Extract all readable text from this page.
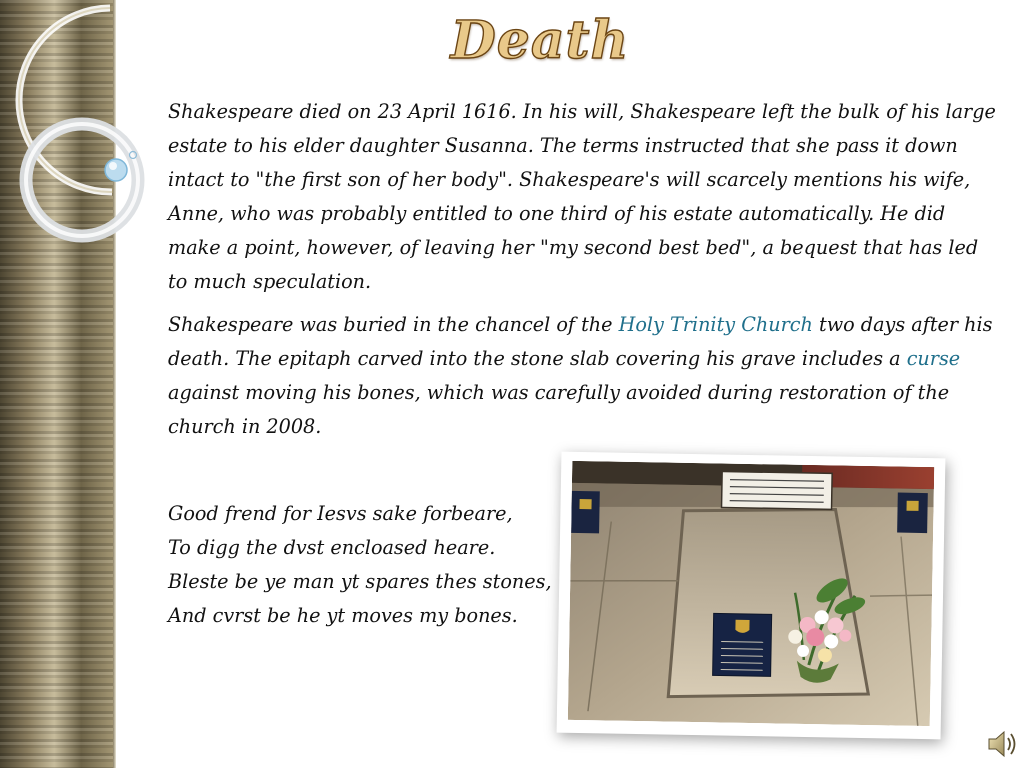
Death

Shakespeare died on 23 April 1616. In his will, Shakespeare left the bulk of his large estate to his elder daughter Susanna. The terms instructed that she pass it down intact to "the first son of her body". Shakespeare's will scarcely mentions his wife, Anne, who was probably entitled to one third of his estate automatically. He did make a point, however, of leaving her "my second best bed", a bequest that has led to much speculation.

Shakespeare was buried in the chancel of the Holy Trinity Church two days after his death. The epitaph carved into the stone slab covering his grave includes a curse against moving his bones, which was carefully avoided during restoration of the church in 2008.

Good frend for Iesvs sake forbeare,
To digg the dvst encloased heare.
Bleste be ye man yt spares thes stones,
And cvrst be he yt moves my bones.
